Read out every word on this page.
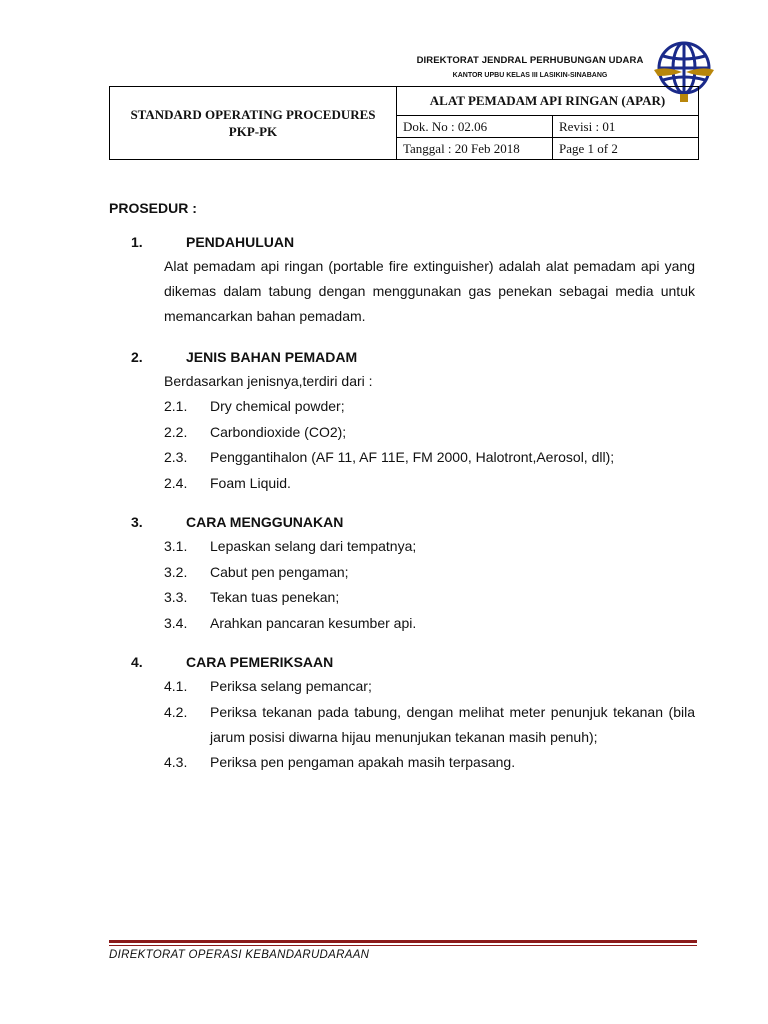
DIREKTORAT JENDRAL PERHUBUNGAN UDARA
KANTOR UPBU KELAS III LASIKIN-SINABANG
STANDARD OPERATING PROCEDURES
PKP-PK	ALAT PEMADAM API RINGAN (APAR)	
	Dok. No : 02.06	Revisi : 01
	Tanggal : 20 Feb 2018	Page 1 of 2
PROSEDUR :
1.	PENDAHULUAN
Alat pemadam api ringan (portable fire extinguisher) adalah alat pemadam api yang dikemas dalam tabung dengan menggunakan gas penekan sebagai media untuk memancarkan bahan pemadam.
2.	JENIS BAHAN PEMADAM
Berdasarkan jenisnya,terdiri dari :
2.1.	Dry chemical powder;
2.2.	Carbondioxide (CO2);
2.3.	Penggantihalon (AF 11, AF 11E, FM 2000, Halotront,Aerosol, dll);
2.4.	Foam Liquid.
3.	CARA MENGGUNAKAN
3.1.	Lepaskan selang dari tempatnya;
3.2.	Cabut pen pengaman;
3.3.	Tekan tuas penekan;
3.4.	Arahkan pancaran kesumber api.
4.	CARA PEMERIKSAAN
4.1.	Periksa selang pemancar;
4.2.	Periksa tekanan pada tabung, dengan melihat meter penunjuk tekanan (bila jarum posisi diwarna hijau menunjukan tekanan masih penuh);
4.3.	Periksa pen pengaman apakah masih terpasang.
DIREKTORAT OPERASI KEBANDARUDARAAN
